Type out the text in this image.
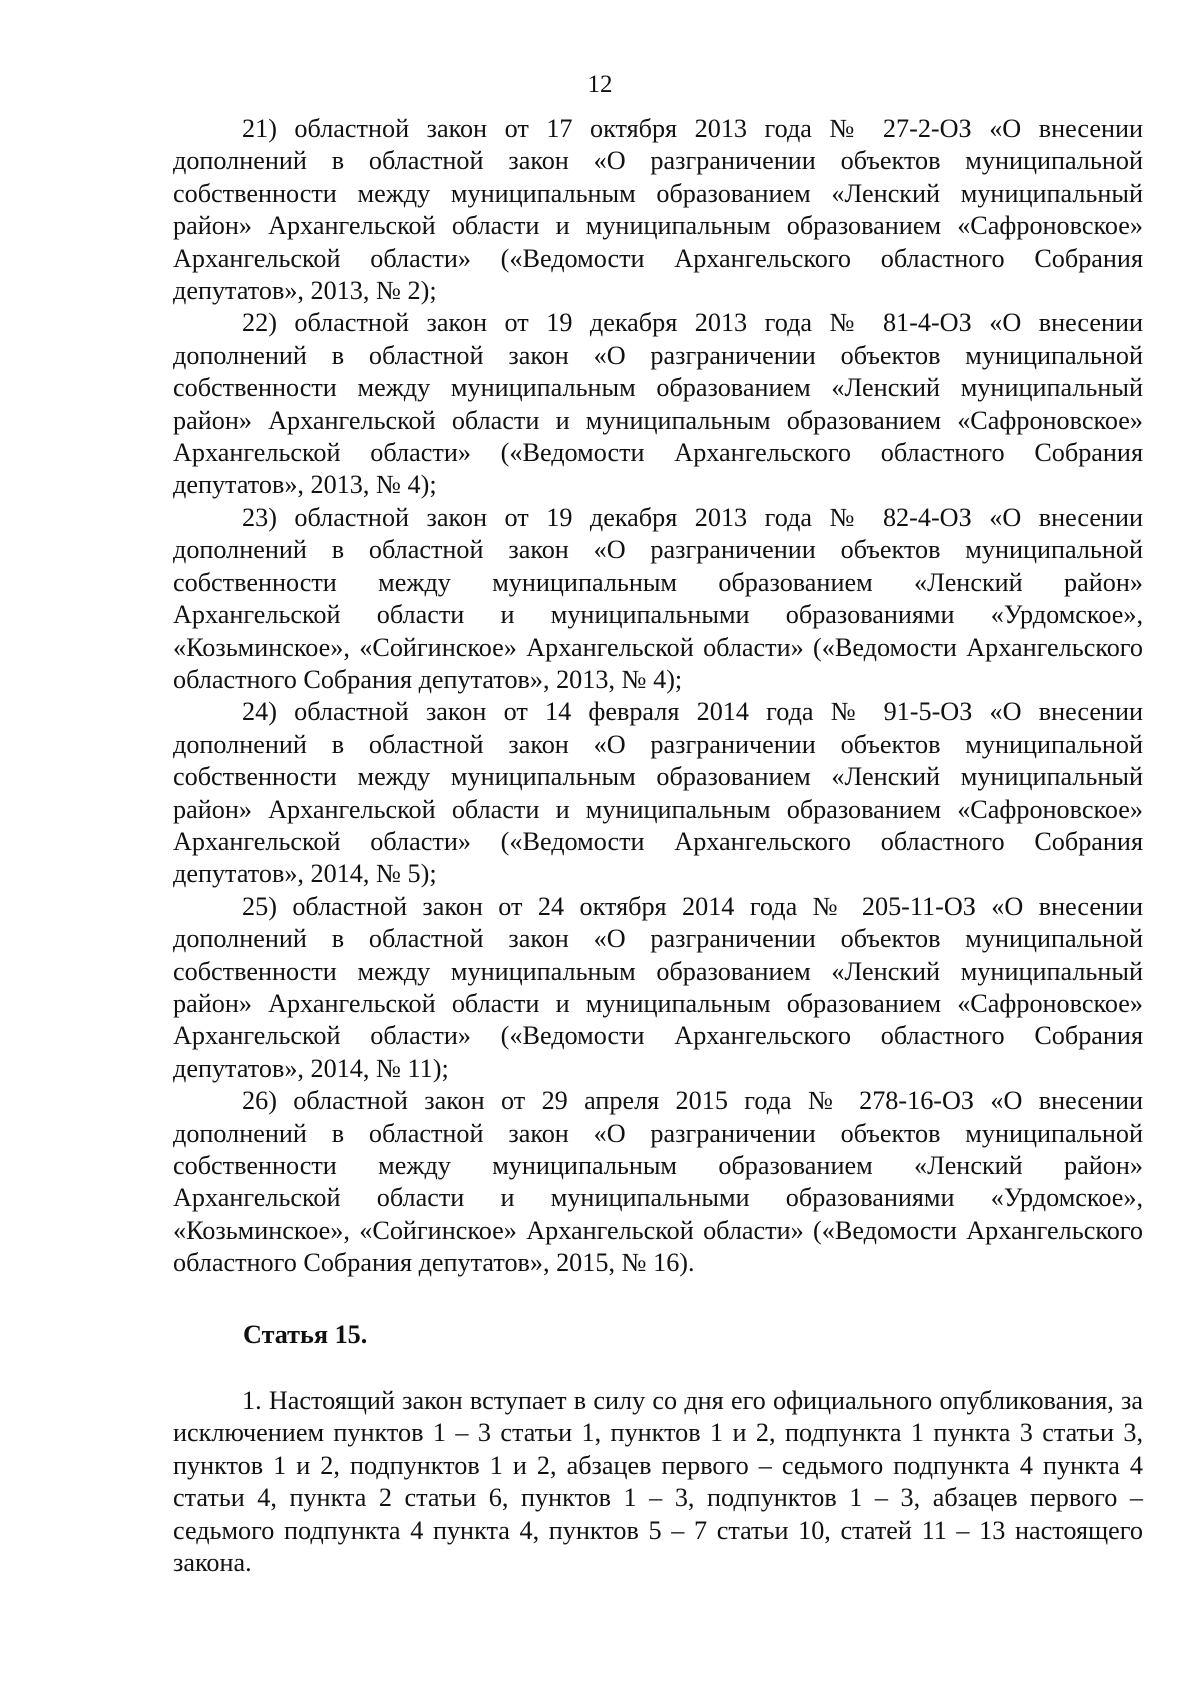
12

21) областной закон от 17 октября 2013 года № 27-2-ОЗ «О внесении дополнений в областной закон «О разграничении объектов муниципальной собственности между муниципальным образованием «Ленский муниципальный район» Архангельской области и муниципальным образованием «Сафроновское» Архангельской области» («Ведомости Архангельского областного Собрания депутатов», 2013, № 2);

22) областной закон от 19 декабря 2013 года № 81-4-ОЗ «О внесении дополнений в областной закон «О разграничении объектов муниципальной собственности между муниципальным образованием «Ленский муниципальный район» Архангельской области и муниципальным образованием «Сафроновское» Архангельской области» («Ведомости Архангельского областного Собрания депутатов», 2013, № 4);

23) областной закон от 19 декабря 2013 года № 82-4-ОЗ «О внесении дополнений в областной закон «О разграничении объектов муниципальной собственности между муниципальным образованием «Ленский район» Архангельской области и муниципальными образованиями «Урдомское», «Козьминское», «Сойгинское» Архангельской области» («Ведомости Архангельского областного Собрания депутатов», 2013, № 4);

24) областной закон от 14 февраля 2014 года № 91-5-ОЗ «О внесении дополнений в областной закон «О разграничении объектов муниципальной собственности между муниципальным образованием «Ленский муниципальный район» Архангельской области и муниципальным образованием «Сафроновское» Архангельской области» («Ведомости Архангельского областного Собрания депутатов», 2014, № 5);

25) областной закон от 24 октября 2014 года № 205-11-ОЗ «О внесении дополнений в областной закон «О разграничении объектов муниципальной собственности между муниципальным образованием «Ленский муниципальный район» Архангельской области и муниципальным образованием «Сафроновское» Архангельской области» («Ведомости Архангельского областного Собрания депутатов», 2014, № 11);

26) областной закон от 29 апреля 2015 года № 278-16-ОЗ «О внесении дополнений в областной закон «О разграничении объектов муниципальной собственности между муниципальным образованием «Ленский район» Архангельской области и муниципальными образованиями «Урдомское», «Козьминское», «Сойгинское» Архангельской области» («Ведомости Архангельского областного Собрания депутатов», 2015, № 16).

Статья 15.

1. Настоящий закон вступает в силу со дня его официального опубликования, за исключением пунктов 1 – 3 статьи 1, пунктов 1 и 2, подпункта 1 пункта 3 статьи 3, пунктов 1 и 2, подпунктов 1 и 2, абзацев первого – седьмого подпункта 4 пункта 4 статьи 4, пункта 2 статьи 6, пунктов 1 – 3, подпунктов 1 – 3, абзацев первого – седьмого подпункта 4 пункта 4, пунктов 5 – 7 статьи 10, статей 11 – 13 настоящего закона.
